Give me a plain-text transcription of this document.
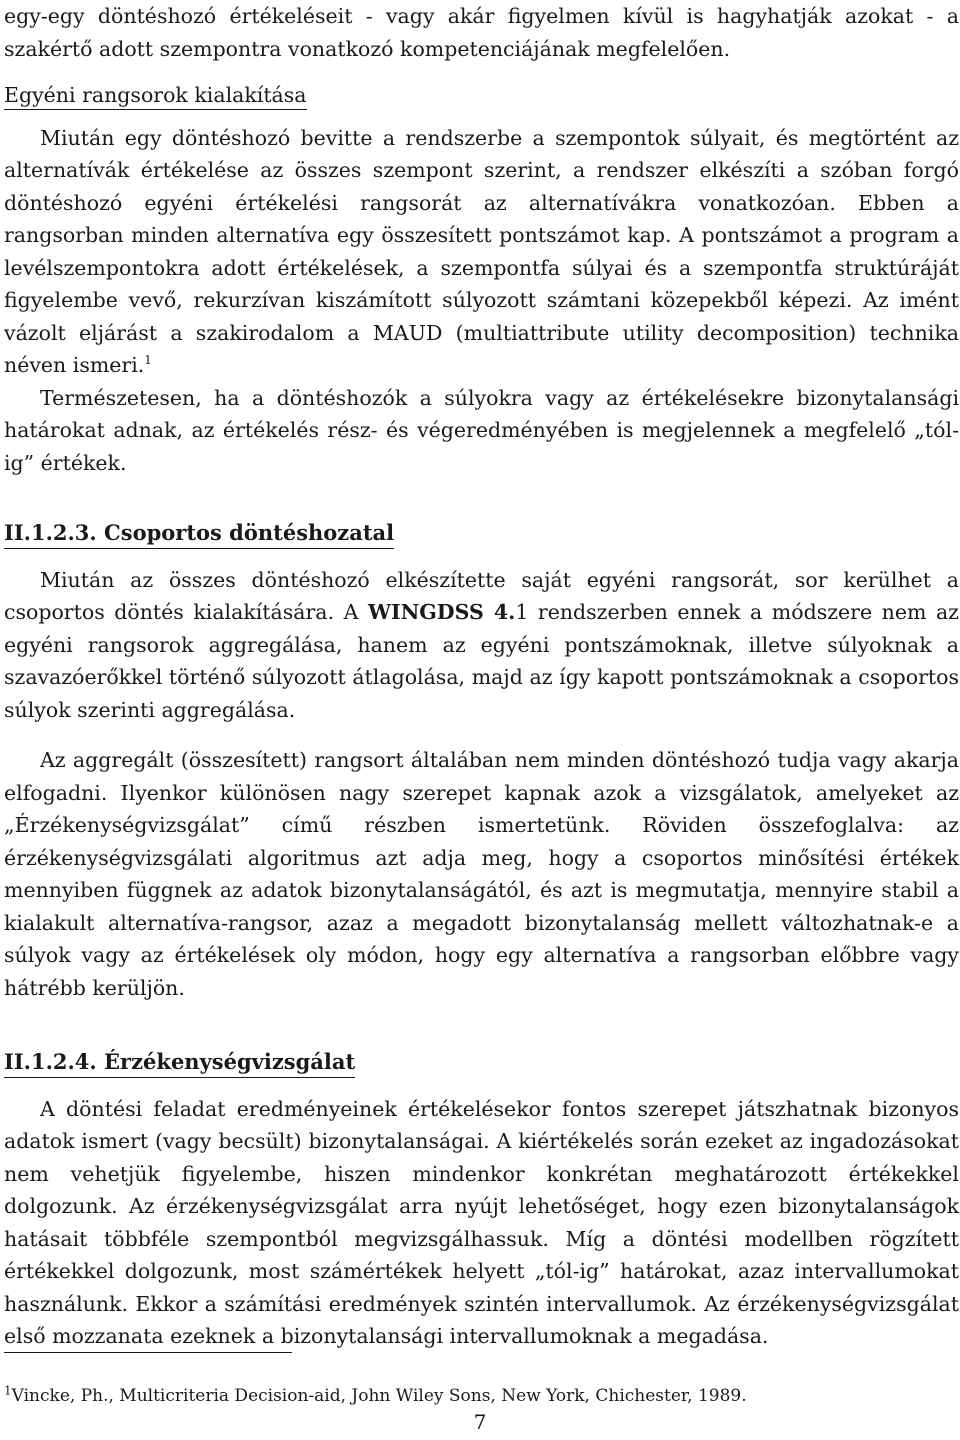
egy-egy döntéshozó értékeléseit - vagy akár figyelmen kívül is hagyhatják azokat - a szakértő adott szempontra vonatkozó kompetenciájának megfelelően.

Egyéni rangsorok kialakítása

Miután egy döntéshozó bevitte a rendszerbe a szempontok súlyait, és megtörtént az alternatívák értékelése az összes szempont szerint, a rendszer elkészíti a szóban forgó döntéshozó egyéni értékelési rangsorát az alternatívákra vonatkozóan. Ebben a rangsorban minden alternatíva egy összesített pontszámot kap. A pontszámot a program a levélszempontokra adott értékelések, a szempontfa súlyai és a szempontfa struktúráját figyelembe vevő, rekurzívan kiszámított súlyozott számtani közepekből képezi. Az imént vázolt eljárást a szakirodalom a MAUD (multiattribute utility decomposition) technika néven ismeri.$^1$

Természetesen, ha a döntéshozók a súlyokra vagy az értékelésekre bizonytalansági határokat adnak, az értékelés rész- és végeredményében is megjelennek a megfelelő „tól-ig” értékek.

II.1.2.3. Csoportos döntéshozatal

Miután az összes döntéshozó elkészítette saját egyéni rangsorát, sor kerülhet a csoportos döntés kialakítására. A WINGDSS 4.1 rendszerben ennek a módszere nem az egyéni rangsorok aggregálása, hanem az egyéni pontszámoknak, illetve súlyoknak a szavazóerőkkel történő súlyozott átlagolása, majd az így kapott pontszámoknak a csoportos súlyok szerinti aggregálása.

Az aggregált (összesített) rangsort általában nem minden döntéshozó tudja vagy akarja elfogadni. Ilyenkor különösen nagy szerepet kapnak azok a vizsgálatok, amelyeket az „Érzékenységvizsgálat” című részben ismertetünk. Röviden összefoglalva: az érzékenységvizsgálati algoritmus azt adja meg, hogy a csoportos minősítési értékek mennyiben függnek az adatok bizonytalanságától, és azt is megmutatja, mennyire stabil a kialakult alternatíva-rangsor, azaz a megadott bizonytalanság mellett változhatnak-e a súlyok vagy az értékelések oly módon, hogy egy alternatíva a rangsorban előbbre vagy hátrébb kerüljön.

II.1.2.4. Érzékenységvizsgálat

A döntési feladat eredményeinek értékelésekor fontos szerepet játszhatnak bizonyos adatok ismert (vagy becsült) bizonytalanságai. A kiértékelés során ezeket az ingadozásokat nem vehetjük figyelembe, hiszen mindenkor konkrétan meghatározott értékekkel dolgozunk. Az érzékenységvizsgálat arra nyújt lehetőséget, hogy ezen bizonytalanságok hatásait többféle szempontból megvizsgálhassuk. Míg a döntési modellben rögzített értékekkel dolgozunk, most számértékek helyett „tól-ig” határokat, azaz intervallumokat használunk. Ekkor a számítási eredmények szintén intervallumok. Az érzékenységvizsgálat első mozzanata ezeknek a bizonytalansági intervallumoknak a megadása.

$^1$Vincke, Ph., Multicriteria Decision-aid, John Wiley Sons, New York, Chichester, 1989.
7
